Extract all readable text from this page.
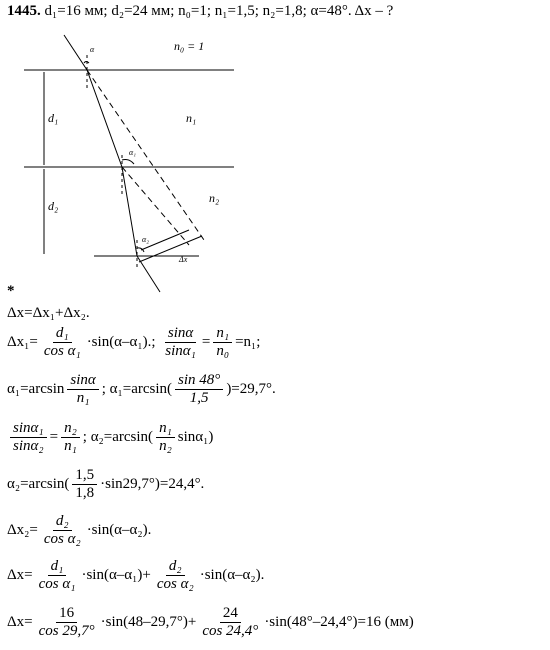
1445. d₁=16 мм; d₂=24 мм; n₀=1; n₁=1,5; n₂=1,8; α=48°. Δx – ?
n₀ = 1
n₁
n₂
d₁
d₂
α
α₁
α₂
Δx
*
Δx=Δx₁+Δx₂.
$\Delta x_1= \frac{\text{d₁}}{\text{cos α₁}} \cdot\sin(\alpha-\alpha_1)$.; $\frac{\sin\alpha}{\text{sinα₁}} = \frac{\text{n₁}}{\text{n₀}} =n_1$;
$\alpha_1=\arcsin \frac{\sin\alpha}{\text{n₁}}$ ; $\alpha_1=\arcsin( \frac{\sin 48^\circ}{1,5} )=29,7^\circ$.
$\frac{\text{sinα₁}}{\text{sinα₂}} = \frac{\text{n₂}}{\text{n₁}}$ ; $\alpha_2=\arcsin( \frac{\text{n₁}}{\text{n₂}} \sin\alpha_1)$
$\alpha_2=\arcsin( \frac{1,5}{1,8} \cdot\sin 29,7^\circ)=24,4^\circ$.
$\Delta x_2= \frac{\text{d₂}}{\text{cos α₂}} \cdot\sin(\alpha-\alpha_2)$.
$\Delta x= \frac{\text{d₁}}{\text{cos α₁}} \cdot\sin(\alpha-\alpha_1)+ \frac{\text{d₂}}{\text{cos α₂}} \cdot\sin(\alpha-\alpha_2)$.
$\Delta x= \frac{16}{\cos 29,7^\circ} \cdot\sin(48-29,7^\circ)+ \frac{24}{\cos 24,4^\circ} \cdot\sin(48^\circ-24,4^\circ)=16$ (мм)
